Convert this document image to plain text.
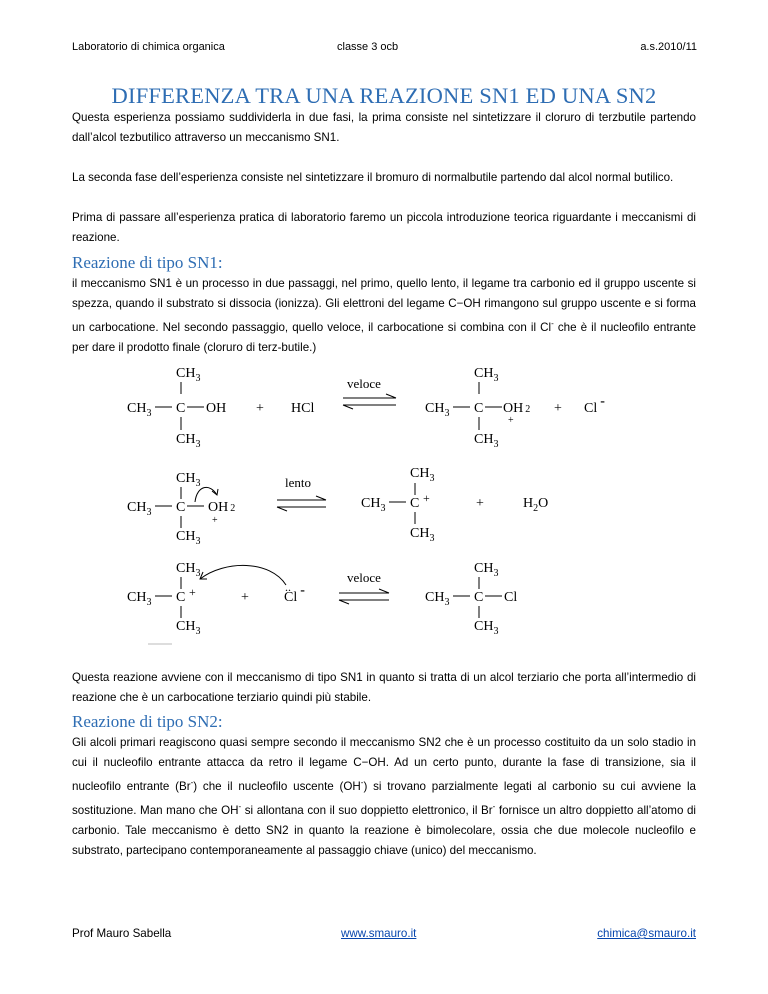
Laboratorio di chimica organica	classe 3 ocb	a.s.2010/11
DIFFERENZA TRA UNA REAZIONE SN1 ED UNA SN2

Questa esperienza possiamo suddividerla in due fasi, la prima consiste nel sintetizzare il cloruro di terzbutile partendo dall’alcol tezbutilico attraverso un meccanismo SN1.

La seconda fase dell’esperienza consiste nel sintetizzare il bromuro di normalbutile partendo dal alcol normal butilico.

Prima di passare all’esperienza pratica di laboratorio faremo un piccola introduzione teorica riguardante i meccanismi di reazione.

Reazione di tipo SN1:

il meccanismo SN1 è un processo in due passaggi, nel primo, quello lento, il legame tra carbonio ed il gruppo uscente si spezza, quando il substrato si dissocia (ionizza). Gli elettroni del legame C−OH rimangono sul gruppo uscente e si forma un carbocatione. Nel secondo passaggio, quello veloce, il carbocatione si combina con il Cl- che è il nucleofilo entrante per dare il prodotto finale (cloruro di terz-butile.)

$CH_3$
$CH_3$ C OH
$CH_3$
+ HCl
veloce
$CH_3$
$CH_3$ C OH 2
+
$CH_3$
+ Cl -
$CH_3$
$CH_3$ C OH 2
+
$CH_3$
lento
$CH_3$
$CH_3$ C +
$CH_3$
+	$H_2O$
$CH_3$
$CH_3$ C +
$CH_3$
+
..
Cl -
veloce
$CH_3$
$CH_3$ C Cl
$CH_3$

Questa reazione avviene con il meccanismo di tipo SN1 in quanto si tratta di un alcol terziario che porta all’intermedio di reazione che è un carbocatione terziario quindi più stabile.

Reazione di tipo SN2:

Gli alcoli primari reagiscono quasi sempre secondo il meccanismo SN2 che è un processo costituito da un solo stadio in cui il nucleofilo entrante attacca da retro il legame C−OH. Ad un certo punto, durante la fase di transizione, sia il nucleofilo entrante (Br-) che il nucleofilo uscente (OH-) si trovano parzialmente legati al carbonio su cui avviene la sostituzione. Man mano che OH- si allontana con il suo doppietto elettronico, il Br- fornisce un altro doppietto all’atomo di carbonio. Tale meccanismo è detto SN2 in quanto la reazione è bimolecolare, ossia che due molecole nucleofilo e substrato, partecipano contemporaneamente al passaggio chiave (unico) del meccanismo.

Prof Mauro Sabella	www.smauro.it	chimica@smauro.it
